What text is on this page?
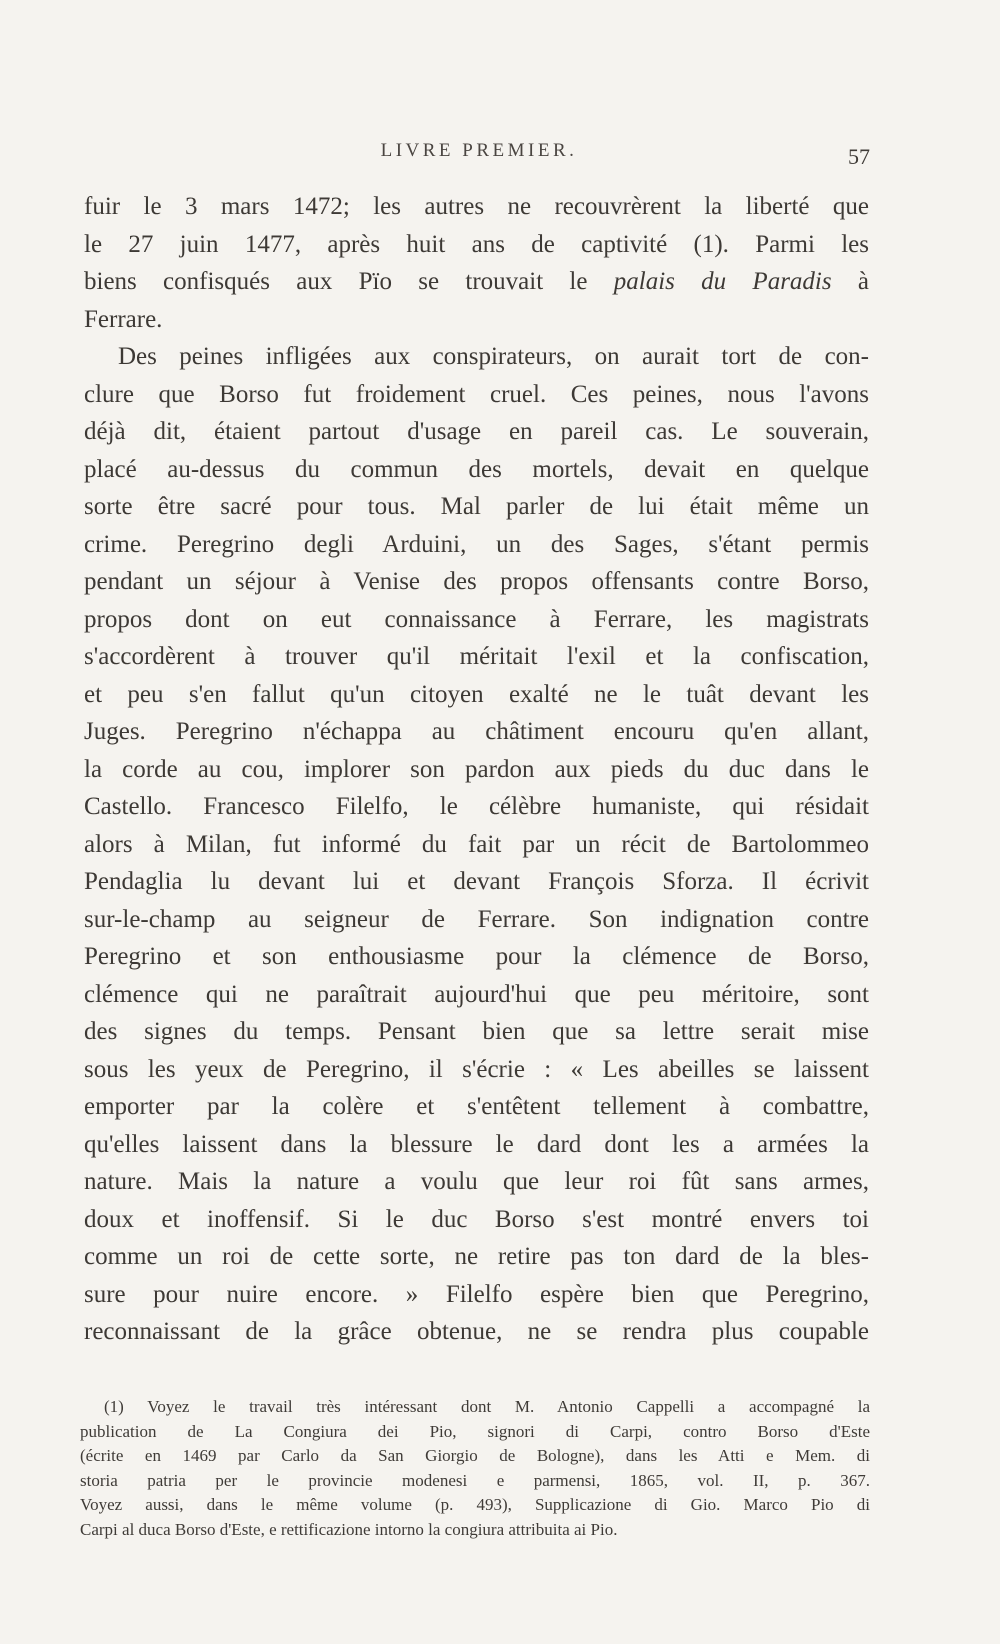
LIVRE PREMIER.	57
fuir le 3 mars 1472; les autres ne recouvrèrent la liberté que
le 27 juin 1477, après huit ans de captivité (1). Parmi les
biens confisqués aux Pïo se trouvait le palais du Paradis à
Ferrare.
Des peines infligées aux conspirateurs, on aurait tort de con-
clure que Borso fut froidement cruel. Ces peines, nous l'avons
déjà dit, étaient partout d'usage en pareil cas. Le souverain,
placé au-dessus du commun des mortels, devait en quelque
sorte être sacré pour tous. Mal parler de lui était même un
crime. Peregrino degli Arduini, un des Sages, s'étant permis
pendant un séjour à Venise des propos offensants contre Borso,
propos dont on eut connaissance à Ferrare, les magistrats
s'accordèrent à trouver qu'il méritait l'exil et la confiscation,
et peu s'en fallut qu'un citoyen exalté ne le tuât devant les
Juges. Peregrino n'échappa au châtiment encouru qu'en allant,
la corde au cou, implorer son pardon aux pieds du duc dans le
Castello. Francesco Filelfo, le célèbre humaniste, qui résidait
alors à Milan, fut informé du fait par un récit de Bartolommeo
Pendaglia lu devant lui et devant François Sforza. Il écrivit
sur-le-champ au seigneur de Ferrare. Son indignation contre
Peregrino et son enthousiasme pour la clémence de Borso,
clémence qui ne paraîtrait aujourd'hui que peu méritoire, sont
des signes du temps. Pensant bien que sa lettre serait mise
sous les yeux de Peregrino, il s'écrie : « Les abeilles se laissent
emporter par la colère et s'entêtent tellement à combattre,
qu'elles laissent dans la blessure le dard dont les a armées la
nature. Mais la nature a voulu que leur roi fût sans armes,
doux et inoffensif. Si le duc Borso s'est montré envers toi
comme un roi de cette sorte, ne retire pas ton dard de la bles-
sure pour nuire encore. » Filelfo espère bien que Peregrino,
reconnaissant de la grâce obtenue, ne se rendra plus coupable
(1) Voyez le travail très intéressant dont M. Antonio Cappelli a accompagné la
publication de La Congiura dei Pio, signori di Carpi, contro Borso d'Este
(écrite en 1469 par Carlo da San Giorgio de Bologne), dans les Atti e Mem. di
storia patria per le provincie modenesi e parmensi, 1865, vol. II, p. 367.
Voyez aussi, dans le même volume (p. 493), Supplicazione di Gio. Marco Pio di
Carpi al duca Borso d'Este, e rettificazione intorno la congiura attribuita ai Pio.
